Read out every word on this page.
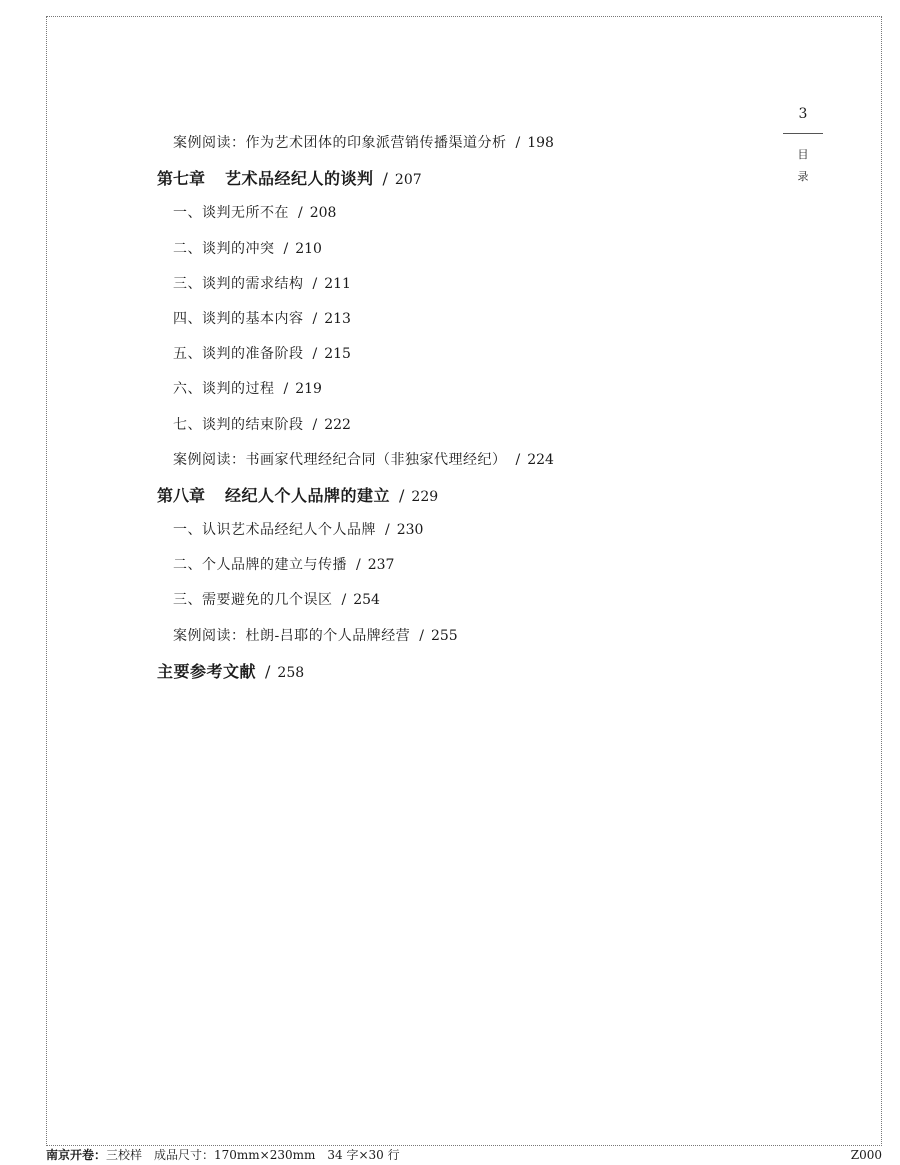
3
目
录
案例阅读：作为艺术团体的印象派营销传播渠道分析 / 198
第七章 艺术品经纪人的谈判 / 207
一、谈判无所不在 / 208
二、谈判的冲突 / 210
三、谈判的需求结构 / 211
四、谈判的基本内容 / 213
五、谈判的准备阶段 / 215
六、谈判的过程 / 219
七、谈判的结束阶段 / 222
案例阅读：书画家代理经纪合同（非独家代理经纪） / 224
第八章 经纪人个人品牌的建立 / 229
一、认识艺术品经纪人个人品牌 / 230
二、个人品牌的建立与传播 / 237
三、需要避免的几个误区 / 254
案例阅读：杜朗-吕耶的个人品牌经营 / 255
主要参考文献 / 258
南京开卷：三校样　成品尺寸：170mm×230mm　34 字×30 行	Z000
